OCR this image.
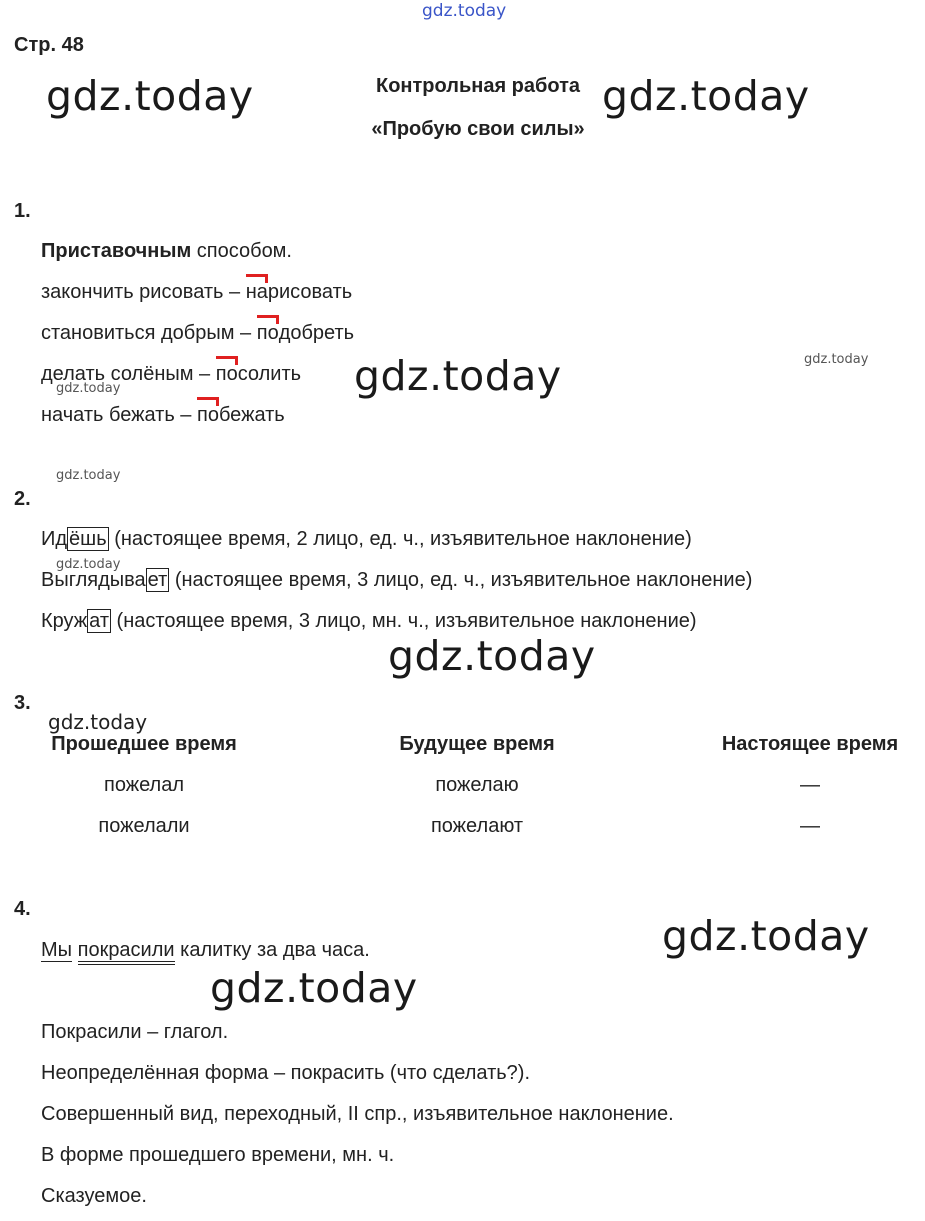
gdz.today
gdz.today	gdz.today
gdz.today
gdz.today
gdz.today
gdz.today
gdz.today
gdz.today
gdz.today
gdz.today
gdz.today
Стр. 48
Контрольная работа
«Пробую свои силы»
1.
Приставочным способом.
закончить рисовать – нарисовать
становиться добрым – подобреть
делать солёным – посолить
начать бежать – побежать
2.
Ид ёшь (настоящее время, 2 лицо, ед. ч., изъявительное наклонение)
Выглядыва ет (настоящее время, 3 лицо, ед. ч., изъявительное наклонение)
Круж ат (настоящее время, 3 лицо, мн. ч., изъявительное наклонение)
3.
Прошедшее время	Будущее время	Настоящее время
пожелал	пожелаю	—
пожелали	пожелают	—
4.
Мы покрасили калитку за два часа.
Покрасили – глагол.
Неопределённая форма – покрасить (что сделать?).
Совершенный вид, переходный, II спр., изъявительное наклонение.
В форме прошедшего времени, мн. ч.
Сказуемое.
